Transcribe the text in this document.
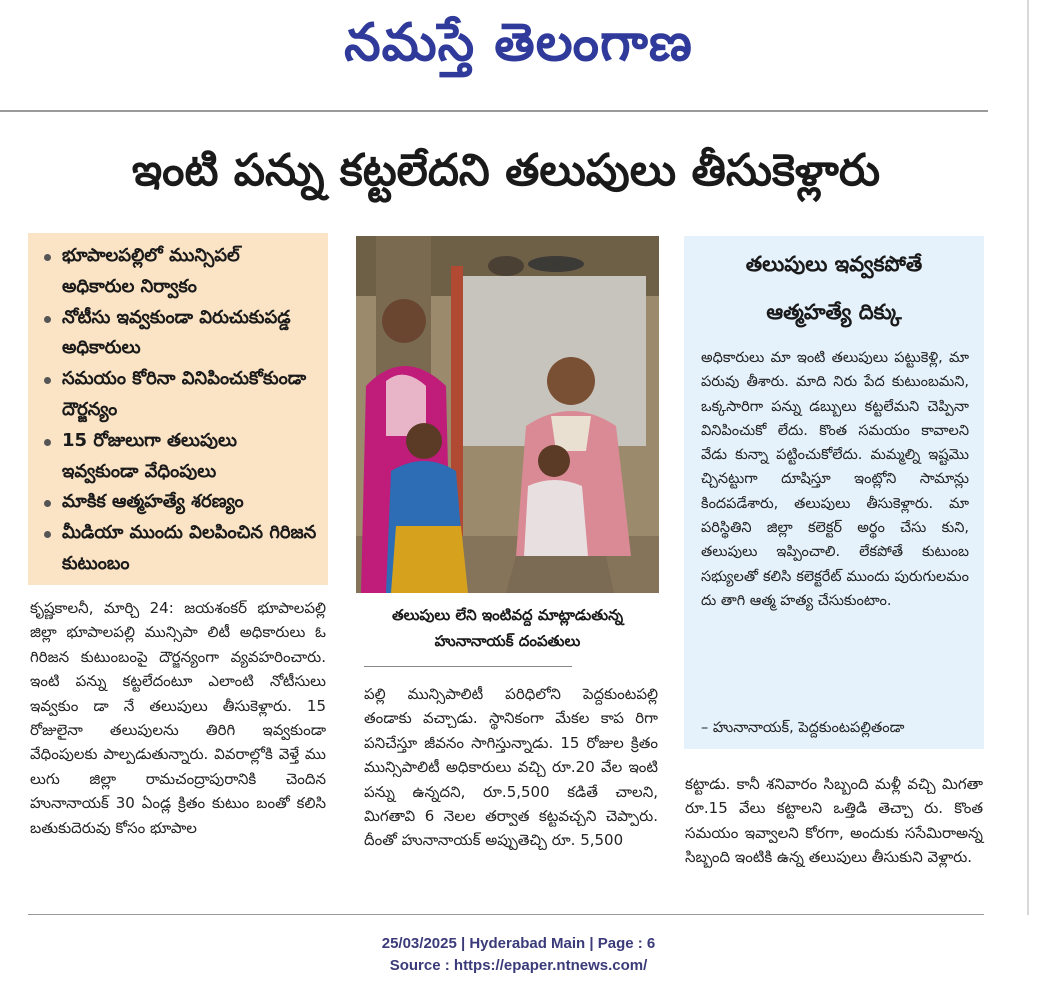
నమస్తే తెలంగాణ
ఇంటి పన్ను కట్టలేదని తలుపులు తీసుకెళ్లారు
భూపాలపల్లిలో మున్సిపల్ అధికారుల నిర్వాకం
నోటీసు ఇవ్వకుండా విరుచుకుపడ్డ అధికారులు
సమయం కోరినా వినిపించుకోకుండా దౌర్జన్యం
15 రోజులుగా తలుపులు ఇవ్వకుండా వేధింపులు
మాకిక ఆత్మహత్యే శరణ్యం
మీడియా ముందు విలపించిన గిరిజన కుటుంబం
తలుపులు లేని ఇంటివద్ద మాట్లాడుతున్న హునానాయక్ దంపతులు
తలుపులు ఇవ్వకపోతే
ఆత్మహత్యే దిక్కు
అధికారులు మా ఇంటి తలుపులు పట్టుకెళ్లి, మా పరువు తీశారు. మాది నిరు పేద కుటుంబమని, ఒక్కసారిగా పన్ను డబ్బులు కట్టలేమని చెప్పినా వినిపించుకో లేదు. కొంత సమయం కావాలని వేడు కున్నా పట్టించుకోలేదు. మమ్మల్ని ఇష్టమొ చ్చినట్టుగా దూషిస్తూ ఇంట్లోని సామాన్లు కిందపడేశారు, తలుపులు తీసుకెళ్లారు. మా పరిస్థితిని జిల్లా కలెక్టర్ అర్థం చేసు కుని, తలుపులు ఇప్పించాలి. లేకపోతే కుటుంబ సభ్యులతో కలిసి కలెక్టరేట్ ముందు పురుగులమం దు తాగి ఆత్మ హత్య చేసుకుంటాం.
– హునానాయక్, పెద్దకుంటపల్లితండా
కృష్ణకాలనీ, మార్చి 24: జయశంకర్ భూపాలపల్లి జిల్లా భూపాలపల్లి మున్సిపా లిటీ అధికారులు ఓ గిరిజన కుటుంబంపై దౌర్జన్యంగా వ్యవహరించారు. ఇంటి పన్ను కట్టలేదంటూ ఎలాంటి నోటీసులు ఇవ్వకుం డా నే తలుపులు తీసుకెళ్లారు. 15 రోజులైనా తలుపులను తిరిగి ఇవ్వకుండా వేధింపులకు పాల్పడుతున్నారు. వివరాల్లోకి వెళ్తే ము లుగు జిల్లా రామచంద్రాపురానికి చెందిన హునానాయక్ 30 ఏండ్ల క్రితం కుటుం బంతో కలిసి బతుకుదెరువు కోసం భూపాల
పల్లి మున్సిపాలిటీ పరిధిలోని పెద్దకుంటపల్లి తండాకు వచ్చాడు. స్థానికంగా మేకల కాప రిగా పనిచేస్తూ జీవనం సాగిస్తున్నాడు. 15 రోజుల క్రితం మున్సిపాలిటీ అధికారులు వచ్చి రూ.20 వేల ఇంటి పన్ను ఉన్నదని, రూ.5,500 కడితే చాలని, మిగతావి 6 నెలల తర్వాత కట్టవచ్చని చెప్పారు. దీంతో హునానాయక్ అప్పుతెచ్చి రూ. 5,500
కట్టాడు. కానీ శనివారం సిబ్బంది మళ్లీ వచ్చి మిగతా రూ.15 వేలు కట్టాలని ఒత్తిడి తెచ్చా రు. కొంత సమయం ఇవ్వాలని కోరగా, అందుకు ససేమిరాఅన్న సిబ్బంది ఇంటికి ఉన్న తలుపులు తీసుకుని వెళ్లారు.
25/03/2025 | Hyderabad Main | Page : 6
Source : https://epaper.ntnews.com/
